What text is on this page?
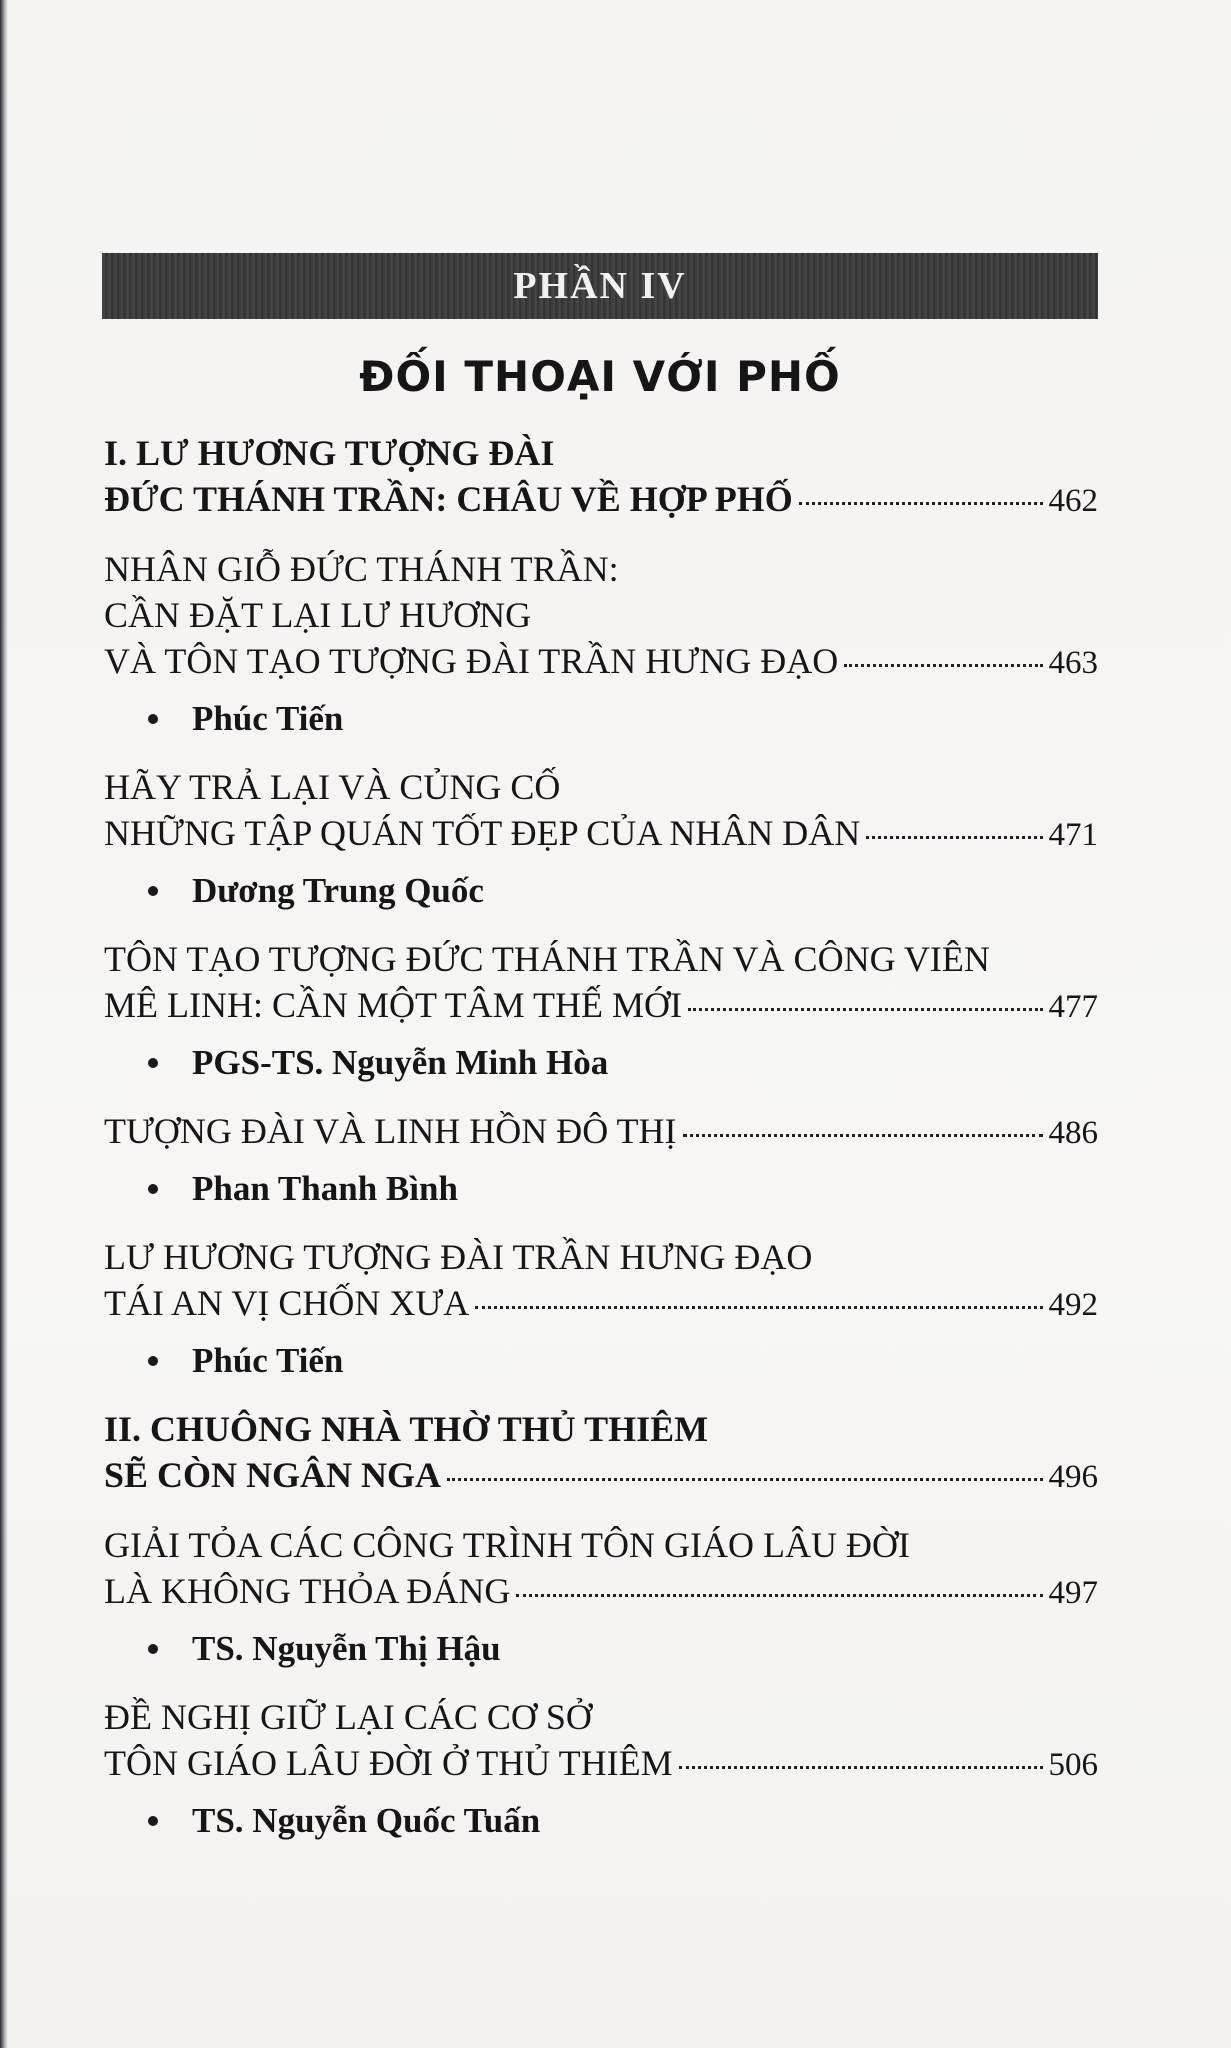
PHẦN IV
ĐỐI THOẠI VỚI PHỐ
I. LƯ HƯƠNG TƯỢNG ĐÀI
ĐỨC THÁNH TRẦN: CHÂU VỀ HỢP PHỐ	462
NHÂN GIỖ ĐỨC THÁNH TRẦN:
CẦN ĐẶT LẠI LƯ HƯƠNG
VÀ TÔN TẠO TƯỢNG ĐÀI TRẦN HƯNG ĐẠO	463
Phúc Tiến
HÃY TRẢ LẠI VÀ CỦNG CỐ
NHỮNG TẬP QUÁN TỐT ĐẸP CỦA NHÂN DÂN	471
Dương Trung Quốc
TÔN TẠO TƯỢNG ĐỨC THÁNH TRẦN VÀ CÔNG VIÊN
MÊ LINH: CẦN MỘT TÂM THẾ MỚI	477
PGS-TS. Nguyễn Minh Hòa
TƯỢNG ĐÀI VÀ LINH HỒN ĐÔ THỊ	486
Phan Thanh Bình
LƯ HƯƠNG TƯỢNG ĐÀI TRẦN HƯNG ĐẠO
TÁI AN VỊ CHỐN XƯA	492
Phúc Tiến
II. CHUÔNG NHÀ THỜ THỦ THIÊM
SẼ CÒN NGÂN NGA	496
GIẢI TỎA CÁC CÔNG TRÌNH TÔN GIÁO LÂU ĐỜI
LÀ KHÔNG THỎA ĐÁNG	497
TS. Nguyễn Thị Hậu
ĐỀ NGHỊ GIỮ LẠI CÁC CƠ SỞ
TÔN GIÁO LÂU ĐỜI Ở THỦ THIÊM	506
TS. Nguyễn Quốc Tuấn
